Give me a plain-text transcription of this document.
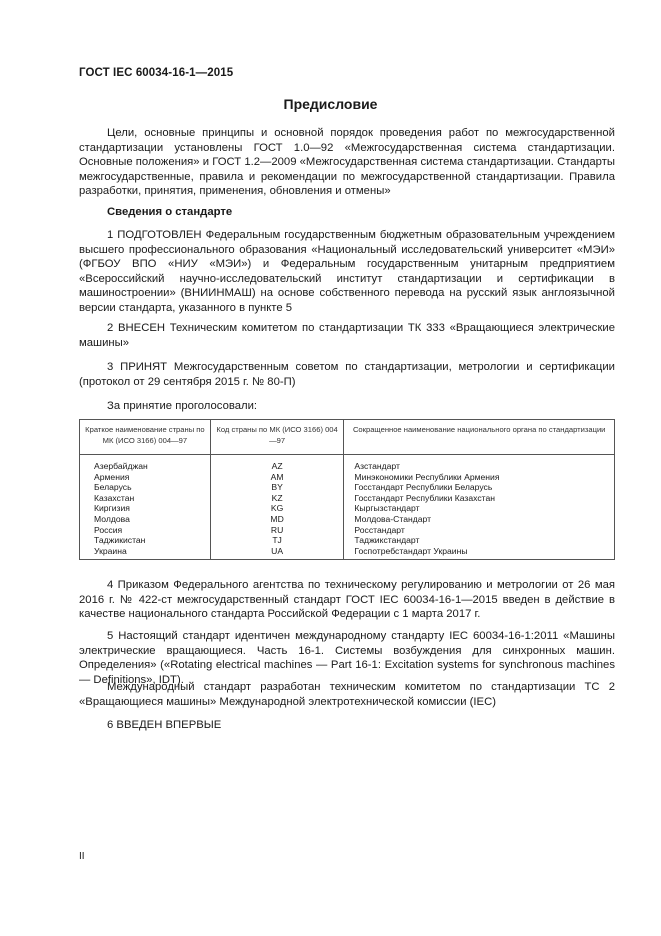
ГОСТ IEC 60034-16-1—2015
Предисловие

Цели, основные принципы и основной порядок проведения работ по межгосударственной стандартизации установлены ГОСТ 1.0—92 «Межгосударственная система стандартизации. Основные положения» и ГОСТ 1.2—2009 «Межгосударственная система стандартизации. Стандарты межгосударственные, правила и рекомендации по межгосударственной стандартизации. Правила разработки, принятия, применения, обновления и отмены»

Сведения о стандарте

1 ПОДГОТОВЛЕН Федеральным государственным бюджетным образовательным учреждением высшего профессионального образования «Национальный исследовательский университет «МЭИ» (ФГБОУ ВПО «НИУ «МЭИ») и Федеральным государственным унитарным предприятием «Всероссийский научно-исследовательский институт стандартизации и сертификации в машиностроении» (ВНИИНМАШ) на основе собственного перевода на русский язык англоязычной версии стандарта, указанного в пункте 5

2 ВНЕСЕН Техническим комитетом по стандартизации ТК 333 «Вращающиеся электрические машины»

3 ПРИНЯТ Межгосударственным советом по стандартизации, метрологии и сертификации (протокол от 29 сентября 2015 г. № 80-П)

За принятие проголосовали:
Краткое наименование страны по МК (ИСО 3166) 004—97	Код страны по МК (ИСО 3166) 004—97	Сокращенное наименование национального органа по стандартизации
Азербайджан	AZ	Азстандарт
Армения	AM	Минэкономики Республики Армения
Беларусь	BY	Госстандарт Республики Беларусь
Казахстан	KZ	Госстандарт Республики Казахстан
Киргизия	KG	Кыргызстандарт
Молдова	MD	Молдова-Стандарт
Россия	RU	Росстандарт
Таджикистан	TJ	Таджикстандарт
Украина	UA	Госпотребстандарт Украины

4 Приказом Федерального агентства по техническому регулированию и метрологии от 26 мая 2016 г. № 422-ст межгосударственный стандарт ГОСТ IEC 60034-16-1—2015 введен в действие в качестве национального стандарта Российской Федерации с 1 марта 2017 г.

5 Настоящий стандарт идентичен международному стандарту IEC 60034-16-1:2011 «Машины электрические вращающиеся. Часть 16-1. Системы возбуждения для синхронных машин. Определения» («Rotating electrical machines — Part 16-1: Excitation systems for synchronous machines — Definitions», IDT).

Международный стандарт разработан техническим комитетом по стандартизации TC 2 «Вращающиеся машины» Международной электротехнической комиссии (IEC)

6 ВВЕДЕН ВПЕРВЫЕ
II
